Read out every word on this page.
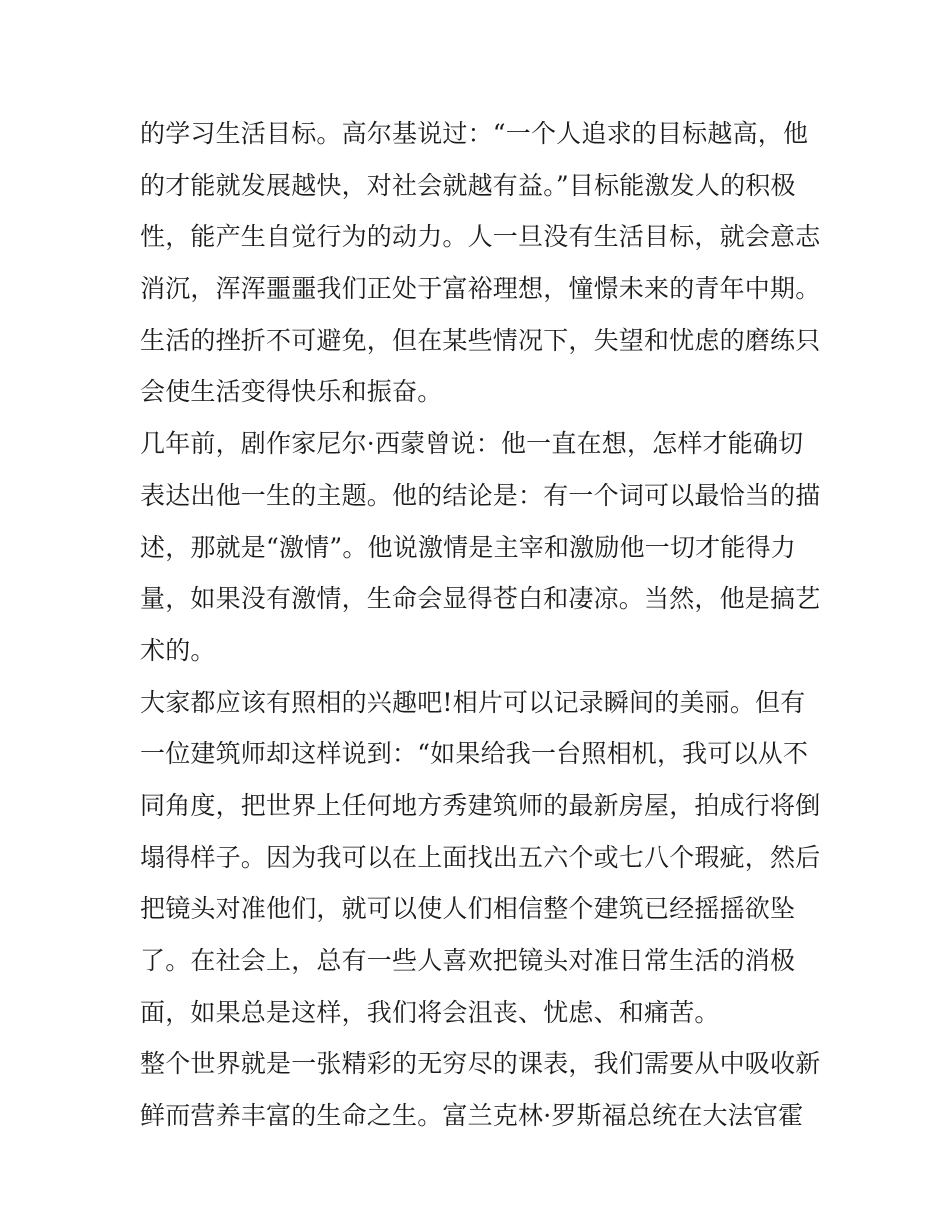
的学习生活目标。高尔基说过：“一个人追求的目标越高，他
的才能就发展越快，对社会就越有益。”目标能激发人的积极
性，能产生自觉行为的动力。人一旦没有生活目标，就会意志
消沉，浑浑噩噩我们正处于富裕理想，憧憬未来的青年中期。
生活的挫折不可避免，但在某些情况下，失望和忧虑的磨练只
会使生活变得快乐和振奋。
几年前，剧作家尼尔·西蒙曾说：他一直在想，怎样才能确切
表达出他一生的主题。他的结论是：有一个词可以最恰当的描
述，那就是“激情”。他说激情是主宰和激励他一切才能得力
量，如果没有激情，生命会显得苍白和凄凉。当然，他是搞艺
术的。
大家都应该有照相的兴趣吧!相片可以记录瞬间的美丽。但有
一位建筑师却这样说到：“如果给我一台照相机，我可以从不
同角度，把世界上任何地方秀建筑师的最新房屋，拍成行将倒
塌得样子。因为我可以在上面找出五六个或七八个瑕疵，然后
把镜头对准他们，就可以使人们相信整个建筑已经摇摇欲坠
了。在社会上，总有一些人喜欢把镜头对准日常生活的消极
面，如果总是这样，我们将会沮丧、忧虑、和痛苦。
整个世界就是一张精彩的无穷尽的课表，我们需要从中吸收新
鲜而营养丰富的生命之生。富兰克林·罗斯福总统在大法官霍
